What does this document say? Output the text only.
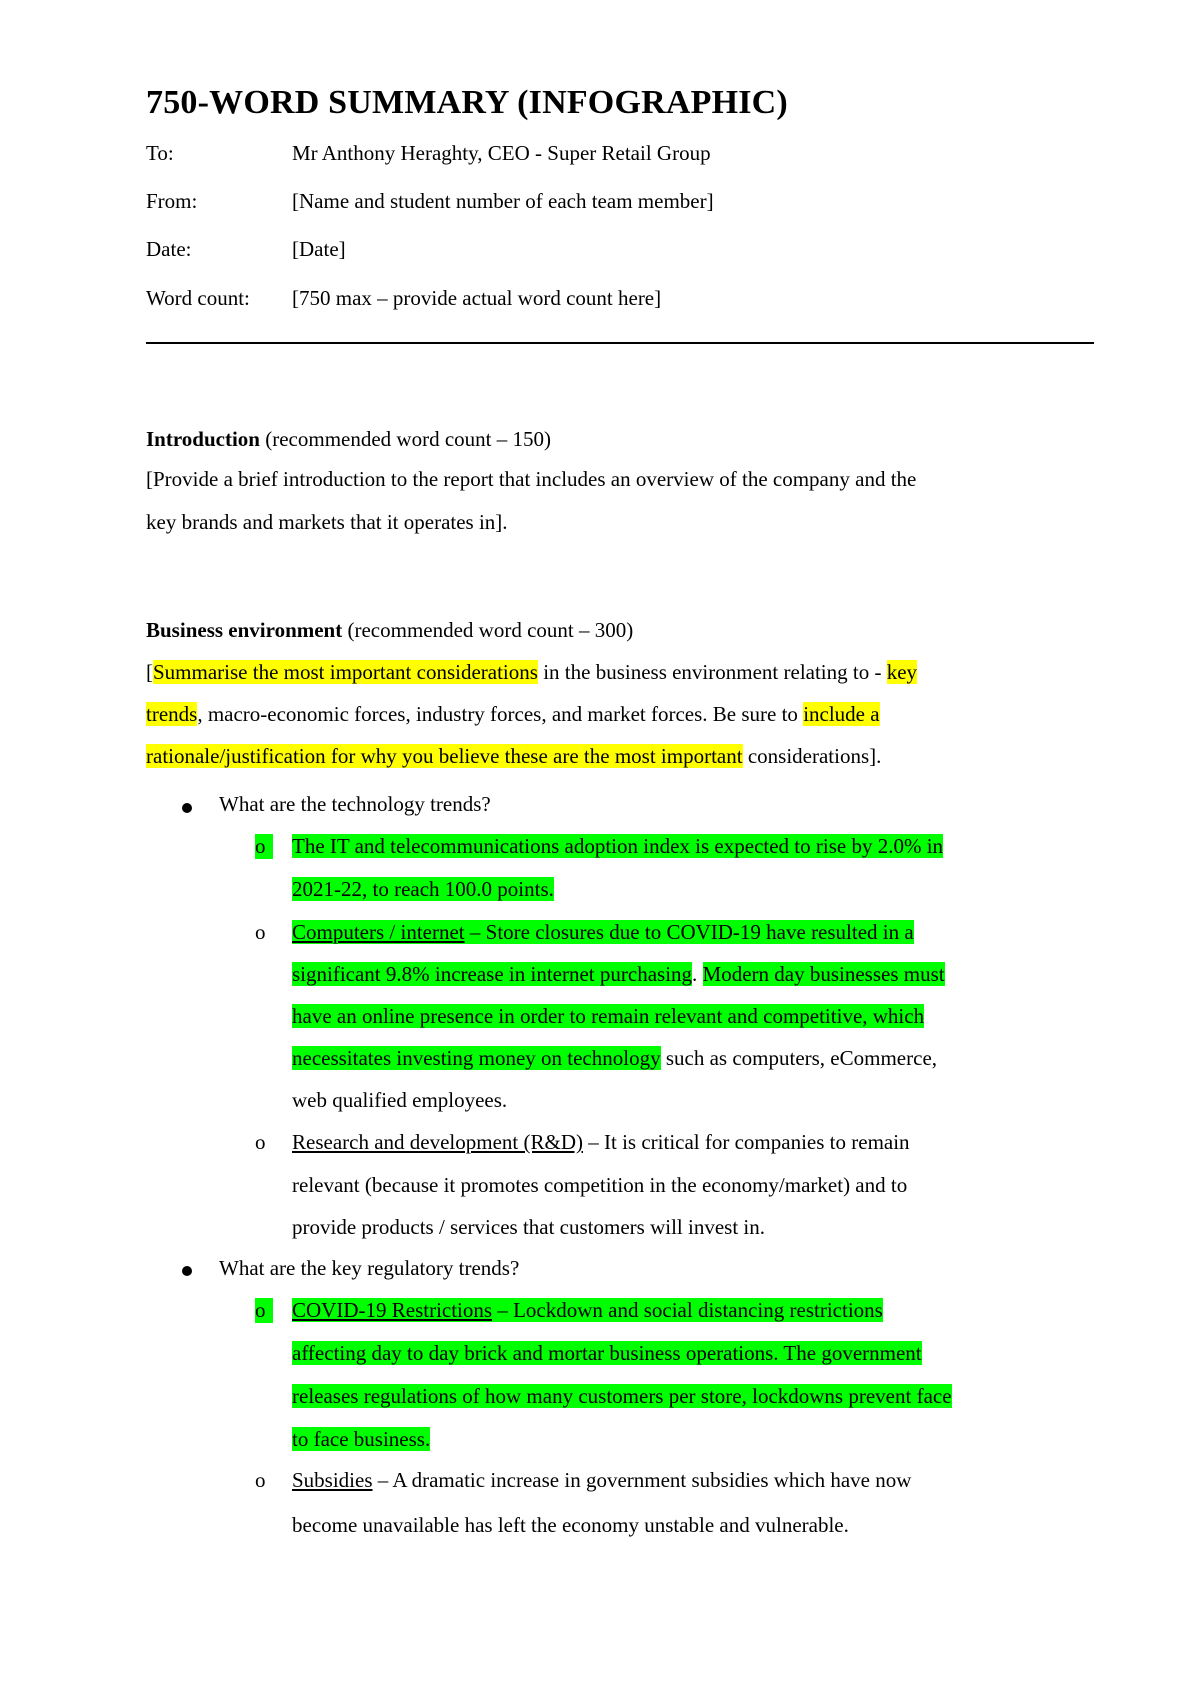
750-WORD SUMMARY (INFOGRAPHIC)
To:	Mr Anthony Heraghty, CEO - Super Retail Group
From:	[Name and student number of each team member]
Date:	[Date]
Word count: [750 max – provide actual word count here]
Introduction (recommended word count – 150)
[Provide a brief introduction to the report that includes an overview of the company and the
key brands and markets that it operates in].
Business environment (recommended word count – 300)
[Summarise the most important considerations in the business environment relating to - key
trends, macro-economic forces, industry forces, and market forces. Be sure to include a
rationale/justification for why you believe these are the most important considerations].
What are the technology trends?
o	The IT and telecommunications adoption index is expected to rise by 2.0% in
2021-22, to reach 100.0 points.
o	Computers / internet – Store closures due to COVID-19 have resulted in a
significant 9.8% increase in internet purchasing. Modern day businesses must
have an online presence in order to remain relevant and competitive, which
necessitates investing money on technology such as computers, eCommerce,
web qualified employees.
o	Research and development (R&D) – It is critical for companies to remain
relevant (because it promotes competition in the economy/market) and to
provide products / services that customers will invest in.
What are the key regulatory trends?
o	COVID-19 Restrictions – Lockdown and social distancing restrictions
affecting day to day brick and mortar business operations. The government
releases regulations of how many customers per store, lockdowns prevent face
to face business.
o	Subsidies – A dramatic increase in government subsidies which have now
become unavailable has left the economy unstable and vulnerable.
